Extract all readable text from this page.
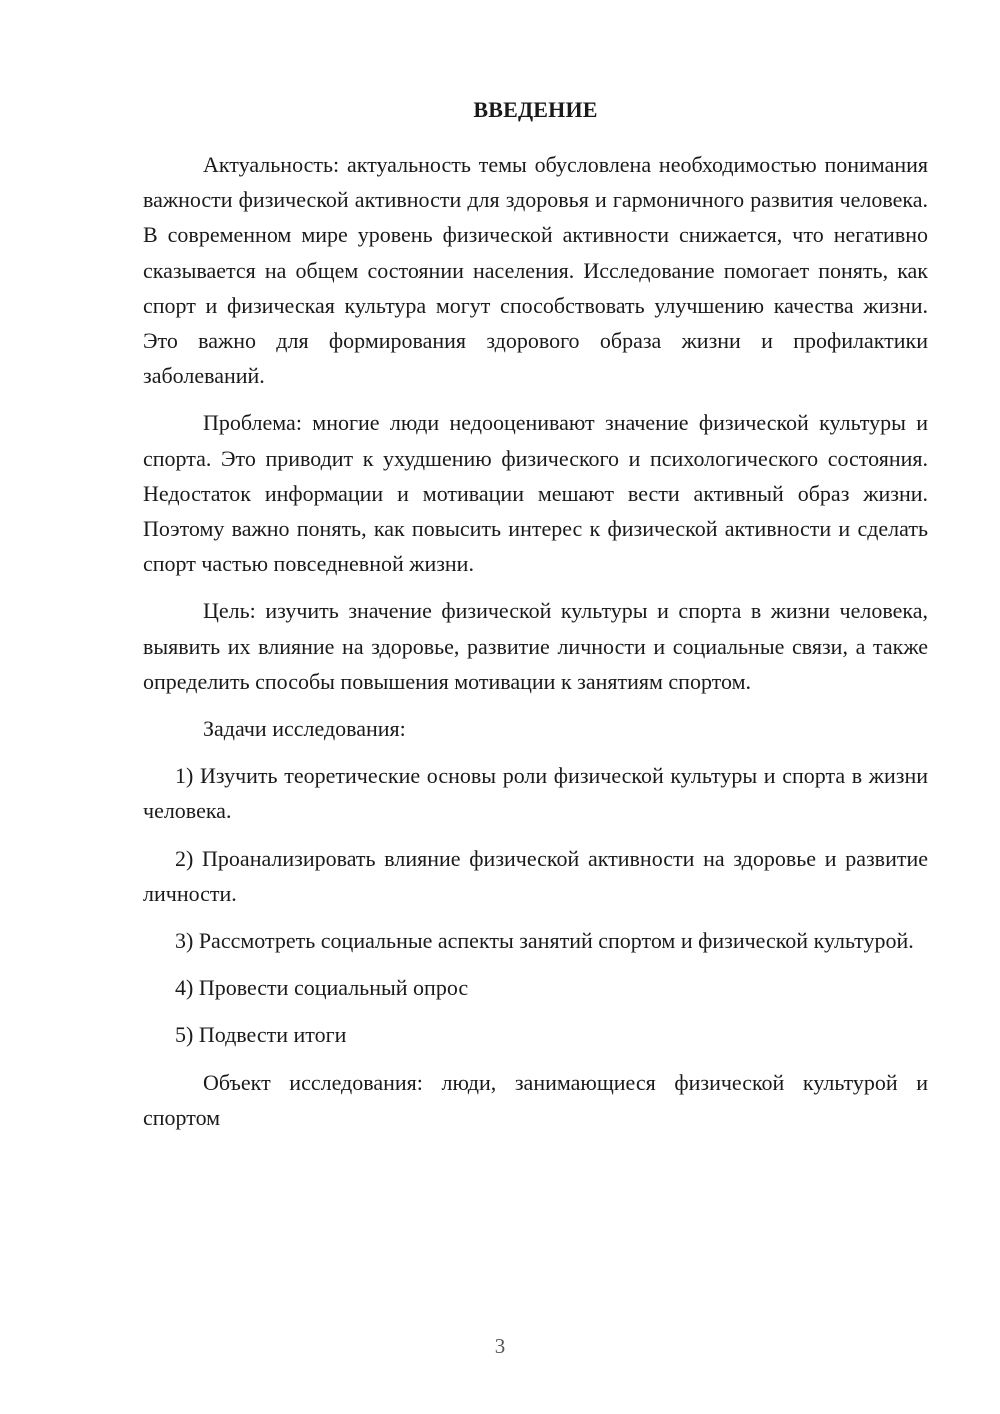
ВВЕДЕНИЕ

Актуальность: актуальность темы обусловлена необходимостью понимания важности физической активности для здоровья и гармоничного развития человека. В современном мире уровень физической активности снижается, что негативно сказывается на общем состоянии населения. Исследование помогает понять, как спорт и физическая культура могут способствовать улучшению качества жизни. Это важно для формирования здорового образа жизни и профилактики заболеваний.

Проблема: многие люди недооценивают значение физической культуры и спорта. Это приводит к ухудшению физического и психологического состояния. Недостаток информации и мотивации мешают вести активный образ жизни. Поэтому важно понять, как повысить интерес к физической активности и сделать спорт частью повседневной жизни.

Цель: изучить значение физической культуры и спорта в жизни человека, выявить их влияние на здоровье, развитие личности и социальные связи, а также определить способы повышения мотивации к занятиям спортом.

Задачи исследования:

1) Изучить теоретические основы роли физической культуры и спорта в жизни человека.

2) Проанализировать влияние физической активности на здоровье и развитие личности.

3) Рассмотреть социальные аспекты занятий спортом и физической культурой.

4) Провести социальный опрос

5) Подвести итоги

Объект исследования: люди, занимающиеся физической культурой и спортом

3
